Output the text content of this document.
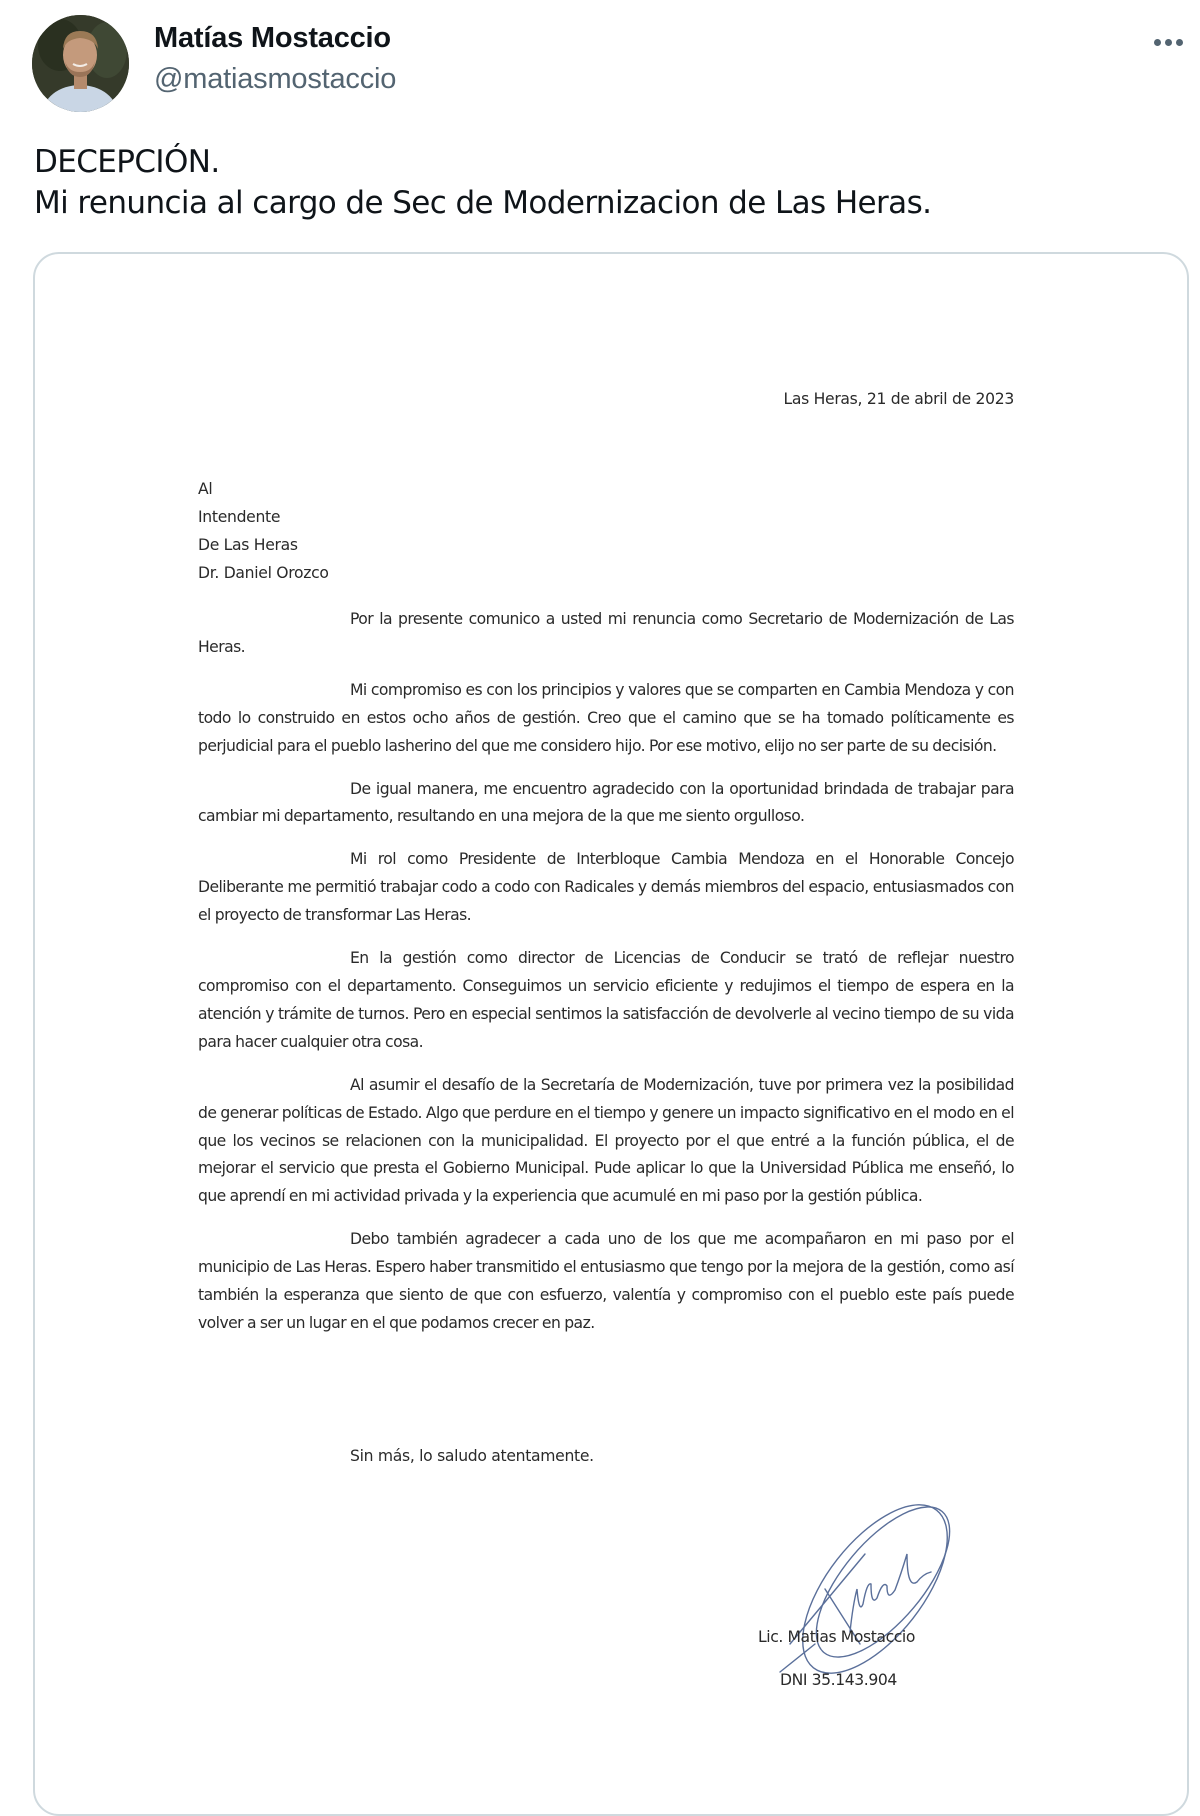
Matías Mostaccio
@matiasmostaccio
DECEPCIÓN.
Mi renuncia al cargo de Sec de Modernizacion de Las Heras.
Las Heras, 21 de abril de 2023
Al
Intendente
De Las Heras
Dr. Daniel Orozco

Por la presente comunico a usted mi renuncia como Secretario de Modernización de Las Heras.

Mi compromiso es con los principios y valores que se comparten en Cambia Mendoza y con todo lo construido en estos ocho años de gestión. Creo que el camino que se ha tomado políticamente es perjudicial para el pueblo lasherino del que me considero hijo. Por ese motivo, elijo no ser parte de su decisión.

De igual manera, me encuentro agradecido con la oportunidad brindada de trabajar para cambiar mi departamento, resultando en una mejora de la que me siento orgulloso.

Mi rol como Presidente de Interbloque Cambia Mendoza en el Honorable Concejo Deliberante me permitió trabajar codo a codo con Radicales y demás miembros del espacio, entusiasmados con el proyecto de transformar Las Heras.

En la gestión como director de Licencias de Conducir se trató de reflejar nuestro compromiso con el departamento. Conseguimos un servicio eficiente y redujimos el tiempo de espera en la atención y trámite de turnos. Pero en especial sentimos la satisfacción de devolverle al vecino tiempo de su vida para hacer cualquier otra cosa.

Al asumir el desafío de la Secretaría de Modernización, tuve por primera vez la posibilidad de generar políticas de Estado. Algo que perdure en el tiempo y genere un impacto significativo en el modo en el que los vecinos se relacionen con la municipalidad. El proyecto por el que entré a la función pública, el de mejorar el servicio que presta el Gobierno Municipal. Pude aplicar lo que la Universidad Pública me enseñó, lo que aprendí en mi actividad privada y la experiencia que acumulé en mi paso por la gestión pública.

Debo también agradecer a cada uno de los que me acompañaron en mi paso por el municipio de Las Heras. Espero haber transmitido el entusiasmo que tengo por la mejora de la gestión, como así también la esperanza que siento de que con esfuerzo, valentía y compromiso con el pueblo este país puede volver a ser un lugar en el que podamos crecer en paz.

Sin más, lo saludo atentamente.
Lic. Matias Mostaccio
DNI 35.143.904
